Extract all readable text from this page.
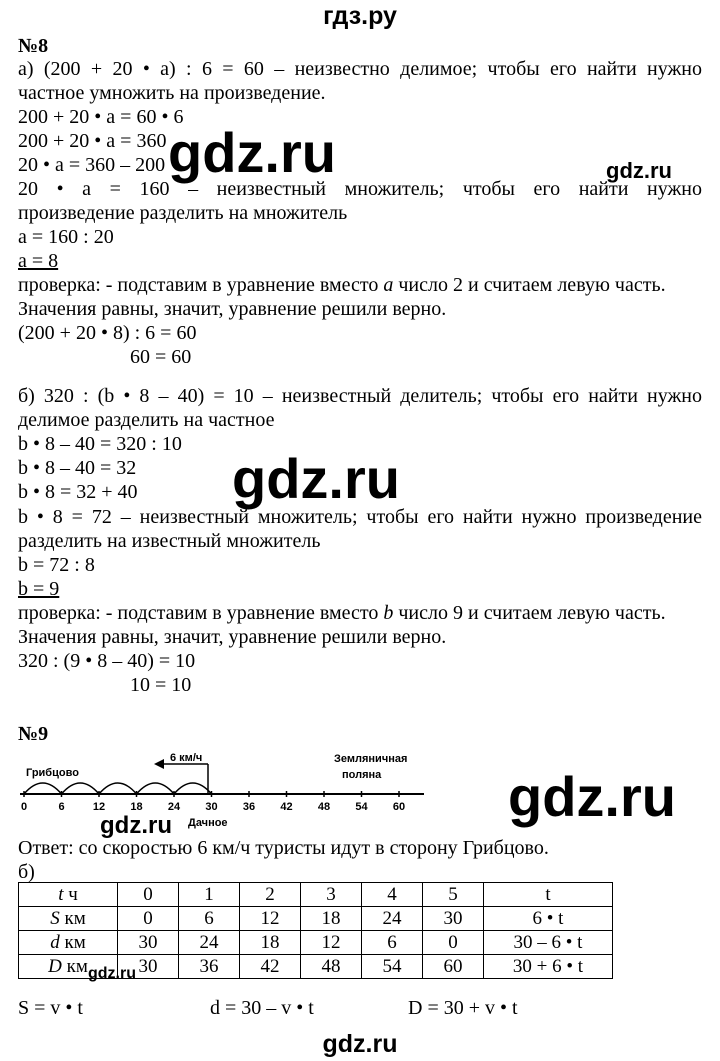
гдз.ру
№8
а) (200 + 20 • а) : 6 = 60 – неизвестно делимое; чтобы его найти нужно
частное умножить на произведение.
200 + 20 • а = 60 • 6
200 + 20 • а = 360
20 • а = 360 – 200
20 • а = 160 – неизвестный множитель; чтобы его найти нужно
произведение разделить на множитель
а = 160 : 20
а = 8
проверка: - подставим в уравнение вместо а число 2 и считаем левую часть.
Значения равны, значит, уравнение решили верно.
(200 + 20 • 8) : 6 = 60
60 = 60
б) 320 : (b • 8 – 40) = 10 – неизвестный делитель; чтобы его найти нужно
делимое разделить на частное
b • 8 – 40 = 320 : 10
b • 8 – 40 = 32
b • 8 = 32 + 40
b • 8 = 72 – неизвестный множитель; чтобы его найти нужно произведение
разделить на известный множитель
b = 72 : 8
b = 9
проверка: - подставим в уравнение вместо b число 9 и считаем левую часть.
Значения равны, значит, уравнение решили верно.
320 : (9 • 8 – 40) = 10
10 = 10
№9
0	6	12 18 24 30 36 42 48 54 60
6 км/ч
Грибцово
Земляничная
поляна
Дачное
Ответ: со скоростью 6 км/ч туристы идут в сторону Грибцово.
б)
t ч	0	1	2	3	4	5	t
S км	0	6	12	18	24	30	6 • t
d км	30	24	18	12	6	0	30 – 6 • t
D км	30	36	42	48	54	60	30 + 6 • t
S = v • t	d = 30 – v • t	D = 30 + v • t
gdz.ru	gdz.ru
gdz.ru
gdz.ru
gdz.ru
gdz.ru
gdz.ru
